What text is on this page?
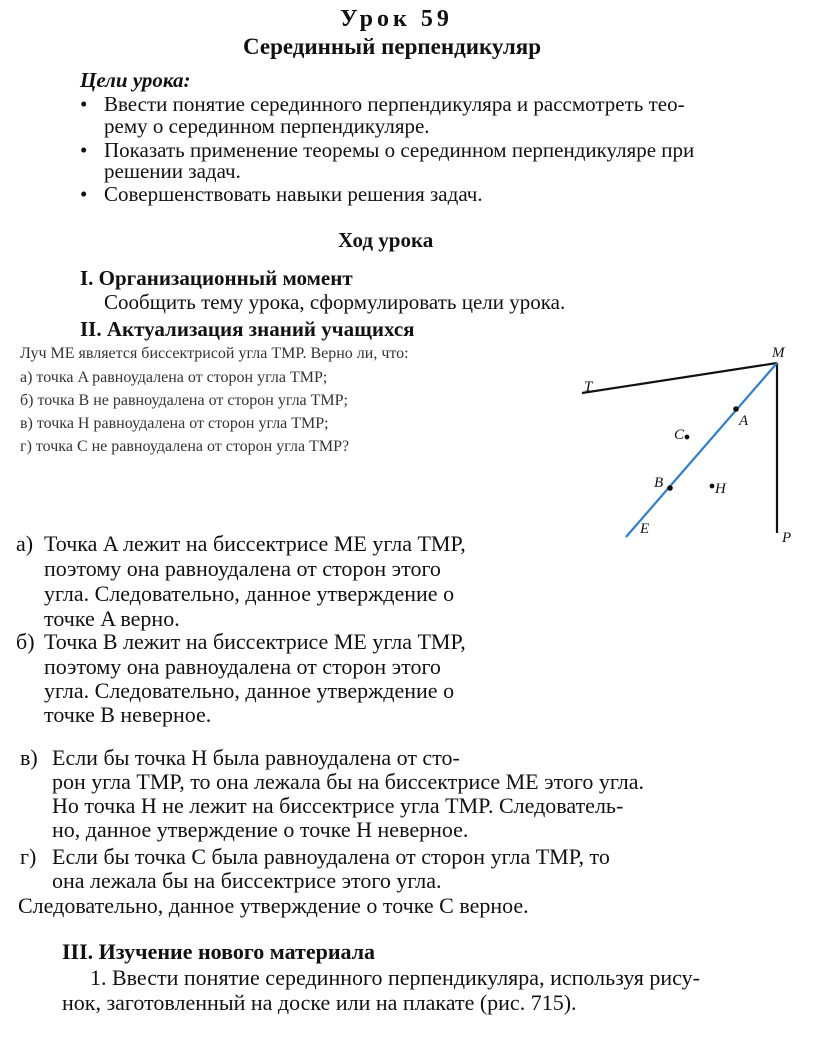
Урок 59
Серединный перпендикуляр
Цели урока:
• Ввести понятие серединного перпендикуляра и рассмотреть тео-
рему о серединном перпендикуляре.
• Показать применение теоремы о серединном перпендикуляре при
решении задач.
• Совершенствовать навыки решения задач.
Ход урока
I. Организационный момент
Сообщить тему урока, сформулировать цели урока.
II. Актуализация знаний учащихся
Луч ME является биссектрисой угла TMP. Верно ли, что:
а) точка A равноудалена от сторон угла TMP;
б) точка B не равноудалена от сторон угла TMP;
в) точка H равноудалена от сторон угла TMP;
г) точка C не равноудалена от сторон угла TMP?
M
T
A
C
B	H
E
P
а) Точка A лежит на биссектрисе ME угла TMP,
поэтому она равноудалена от сторон этого
угла. Следовательно, данное утверждение о
точке A верно.
б) Точка B лежит на биссектрисе ME угла TMP,
поэтому она равноудалена от сторон этого
угла. Следовательно, данное утверждение о
точке B неверное.
в) Если бы точка H была равноудалена от сто-
рон угла TMP, то она лежала бы на биссектрисе ME этого угла.
Но точка H не лежит на биссектрисе угла TMP. Следователь-
но, данное утверждение о точке H неверное.
г) Если бы точка C была равноудалена от сторон угла TMP, то
она лежала бы на биссектрисе этого угла.
Следовательно, данное утверждение о точке C верное.
III. Изучение нового материала
1. Ввести понятие серединного перпендикуляра, используя рису-
нок, заготовленный на доске или на плакате (рис. 715).
